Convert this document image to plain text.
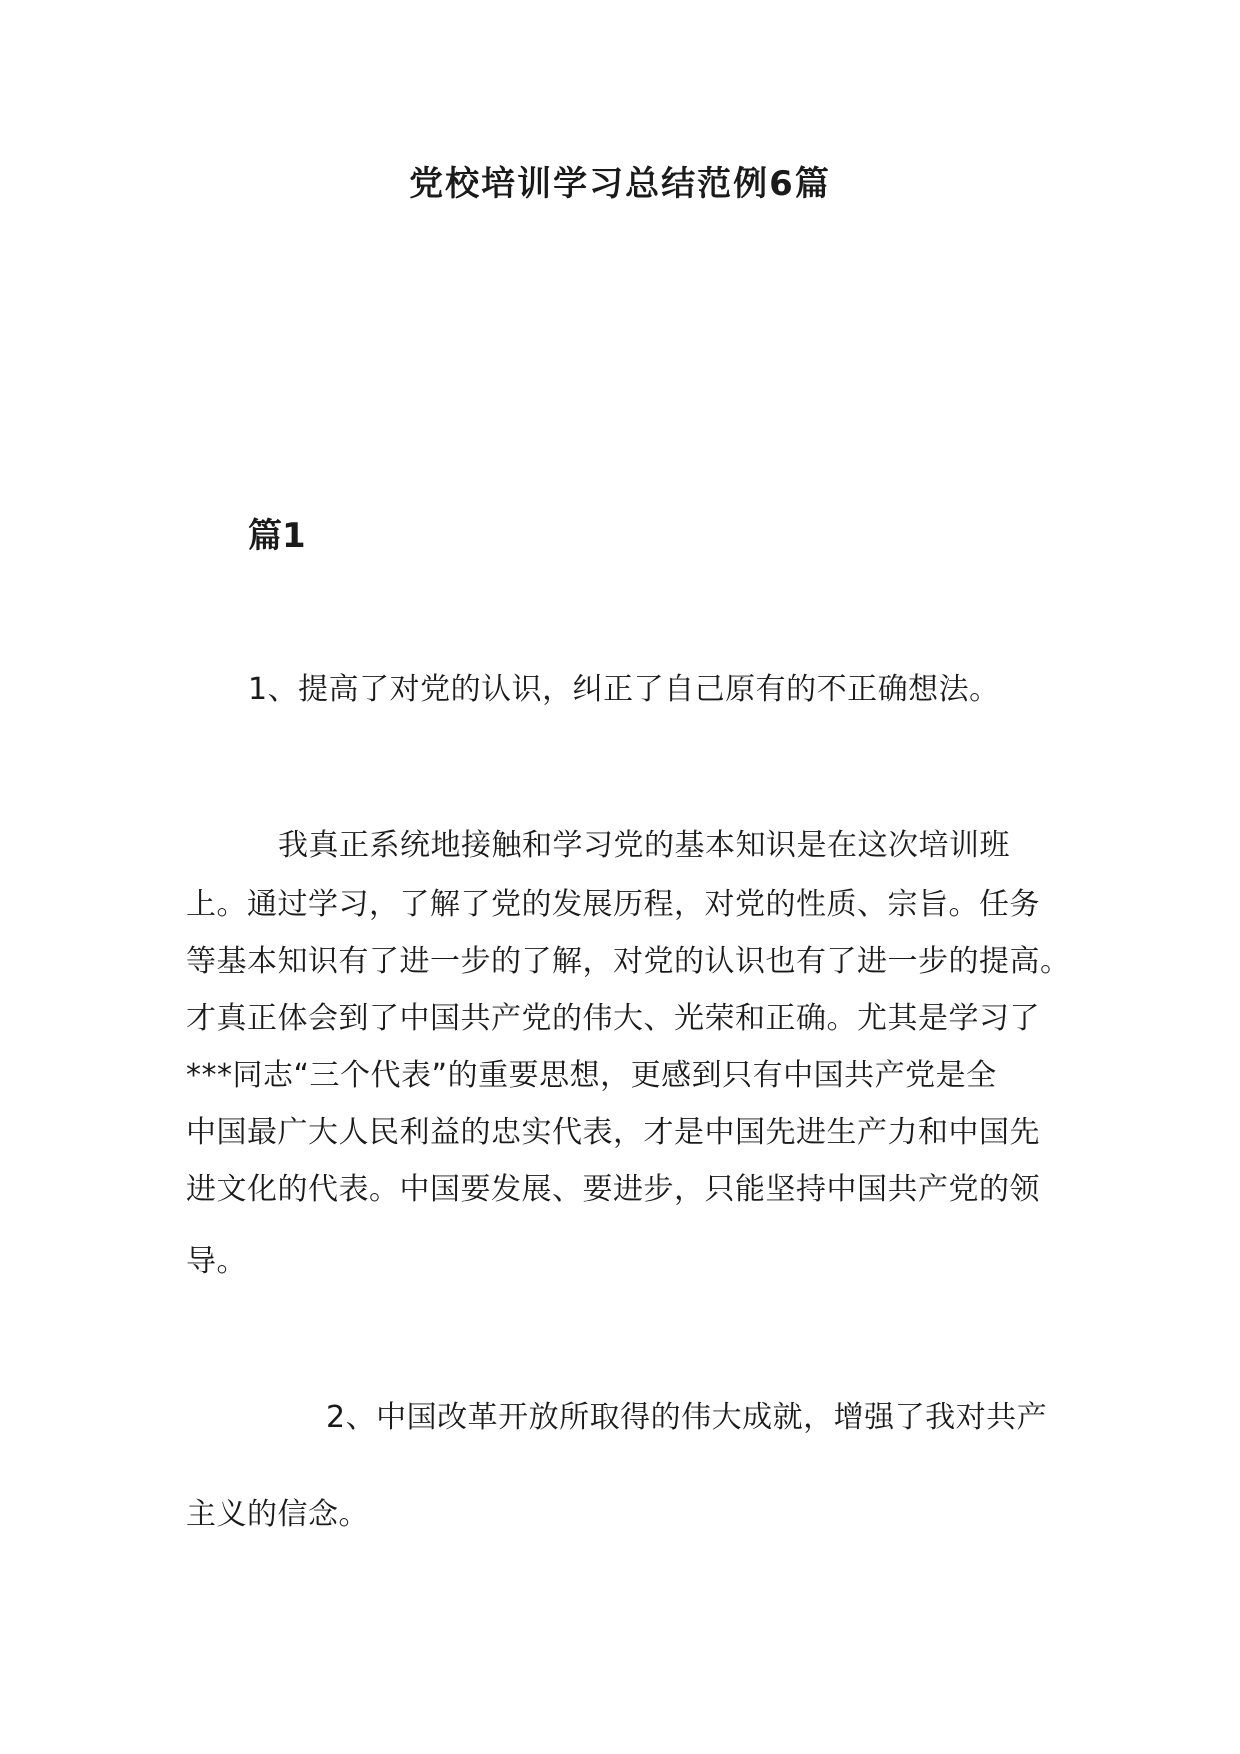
党校培训学习总结范例6篇
篇1
1、提高了对党的认识，纠正了自己原有的不正确想法。
我真正系统地接触和学习党的基本知识是在这次培训班
上。通过学习，了解了党的发展历程，对党的性质、宗旨。任务
等基本知识有了进一步的了解，对党的认识也有了进一步的提高。
才真正体会到了中国共产党的伟大、光荣和正确。尤其是学习了
***同志“三个代表”的重要思想，更感到只有中国共产党是全
中国最广大人民利益的忠实代表，才是中国先进生产力和中国先
进文化的代表。中国要发展、要进步，只能坚持中国共产党的领
导。
2、中国改革开放所取得的伟大成就，增强了我对共产
主义的信念。
